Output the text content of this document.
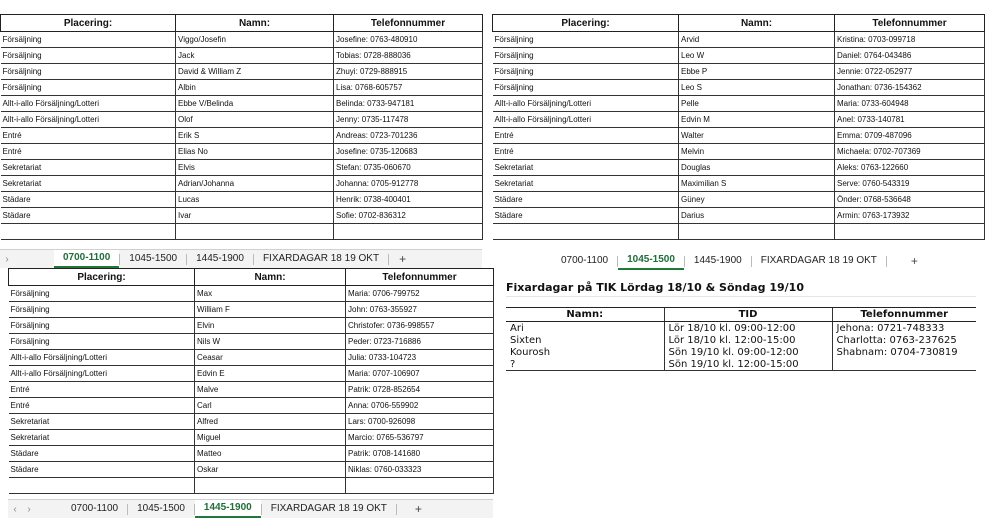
Placering:	Namn:	Telefonnummer
Försäljning	Viggo/Josefin	Josefine: 0763-480910
Försäljning	Jack	Tobias: 0728-888036
Försäljning	David & William Z	Zhuyi: 0729-888915
Försäljning	Albin	Lisa: 0768-605757
Allt-i-allo Försäljning/Lotteri	Ebbe V/Belinda	Belinda: 0733-947181
Allt-i-allo Försäljning/Lotteri	Olof	Jenny: 0735-117478
Entré	Erik S	Andreas: 0723-701236
Entré	Elias No	Josefine: 0735-120683
Sekretariat	Elvis	Stefan: 0735-060670
Sekretariat	Adrian/Johanna	Johanna: 0705-912778
Städare	Lucas	Henrik: 0738-400401
Städare	Ivar	Sofie: 0702-836312

›	0700-1100	1045-1500	1445-1900	FIXARDAGAR 18 19 OKT	+
Placering:	Namn:	Telefonnummer
Försäljning	Arvid	Kristina: 0703-099718
Försäljning	Leo W	Daniel: 0764-043486
Försäljning	Ebbe P	Jennie: 0722-052977
Försäljning	Leo S	Jonathan: 0736-154362
Allt-i-allo Försäljning/Lotteri	Pelle	Maria: 0733-604948
Allt-i-allo Försäljning/Lotteri	Edvin M	Anel: 0733-140781
Entré	Walter	Emma: 0709-487096
Entré	Melvin	Michaela: 0702-707369
Sekretariat	Douglas	Aleks: 0763-122660
Sekretariat	Maximilian S	Serve: 0760-543319
Städare	Güney	Önder: 0768-536648
Städare	Darius	Armin: 0763-173932

0700-1100	1045-1500	1445-1900	FIXARDAGAR 18 19 OKT	+
Placering:	Namn:	Telefonnummer
Försäljning	Max	Maria: 0706-799752
Försäljning	William F	John: 0763-355927
Försäljning	Elvin	Christofer: 0736-998557
Försäljning	Nils W	Peder: 0723-716886
Allt-i-allo Försäljning/Lotteri	Ceasar	Julia: 0733-104723
Allt-i-allo Försäljning/Lotteri	Edvin E	Maria: 0707-106907
Entré	Malve	Patrik: 0728-852654
Entré	Carl	Anna: 0706-559902
Sekretariat	Alfred	Lars: 0700-926098
Sekretariat	Miguel	Marcio: 0765-536797
Städare	Matteo	Patrik: 0708-141680
Städare	Oskar	Niklas: 0760-033323

‹	›	0700-1100	1045-1500	1445-1900	FIXARDAGAR 18 19 OKT	+
Fixardagar på TIK Lördag 18/10 & Söndag 19/10
Namn:	TID	Telefonnummer
Ari	Lör 18/10 kl. 09:00-12:00	Jehona: 0721-748333
Sixten	Lör 18/10 kl. 12:00-15:00	Charlotta: 0763-237625
Kourosh	Sön 19/10 kl. 09:00-12:00	Shabnam: 0704-730819
?	Sön 19/10 kl. 12:00-15:00	
